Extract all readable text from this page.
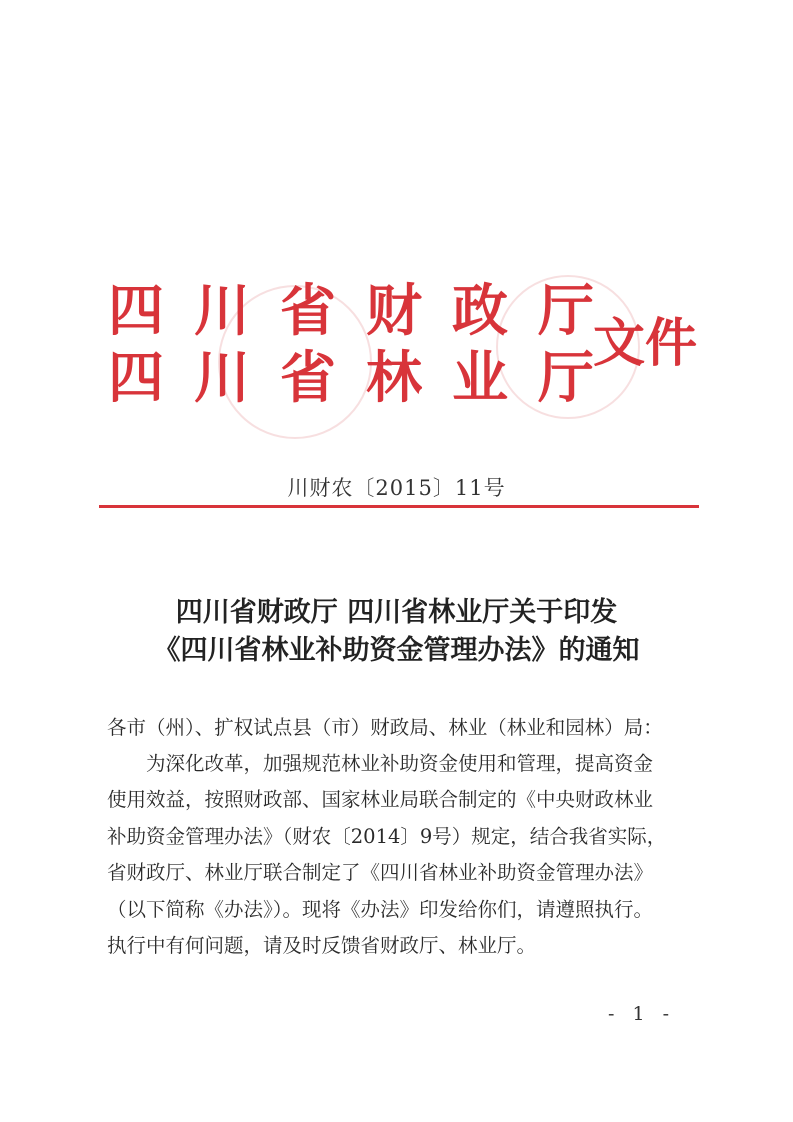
四川省财政厅
四川省林业厅
文件
川财农〔2015〕11号
四川省财政厅 四川省林业厅关于印发
《四川省林业补助资金管理办法》的通知
各市（州）、扩权试点县（市）财政局、林业（林业和园林）局：
为深化改革，加强规范林业补助资金使用和管理，提高资金
使用效益，按照财政部、国家林业局联合制定的《中央财政林业
补助资金管理办法》（财农〔2014〕9号）规定，结合我省实际，
省财政厅、林业厅联合制定了《四川省林业补助资金管理办法》
（以下简称《办法》）。现将《办法》印发给你们，请遵照执行。
执行中有何问题，请及时反馈省财政厅、林业厅。
- 1 -
